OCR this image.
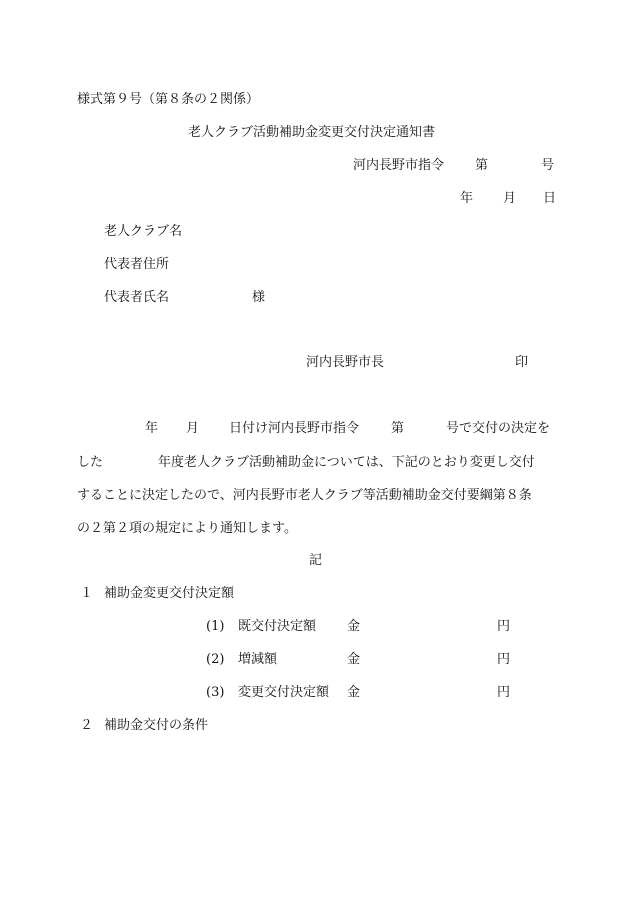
様式第９号（第８条の２関係）
老人クラブ活動補助金変更交付決定通知書
河内長野市指令 第	号
年 月 日
老人クラブ名
代表者住所
代表者氏名	様
河内長野市長	印
年 月 日付け河内長野市指令 第	号で交付の決定を
した	年度老人クラブ活動補助金については、下記のとおり変更し交付
することに決定したので、河内長野市老人クラブ等活動補助金交付要綱第８条
の２第２項の規定により通知します。
記
１ 補助金変更交付決定額
(1) 既交付決定額 金	円
(2) 増減額	金	円
(3) 変更交付決定額 金	円
２ 補助金交付の条件
